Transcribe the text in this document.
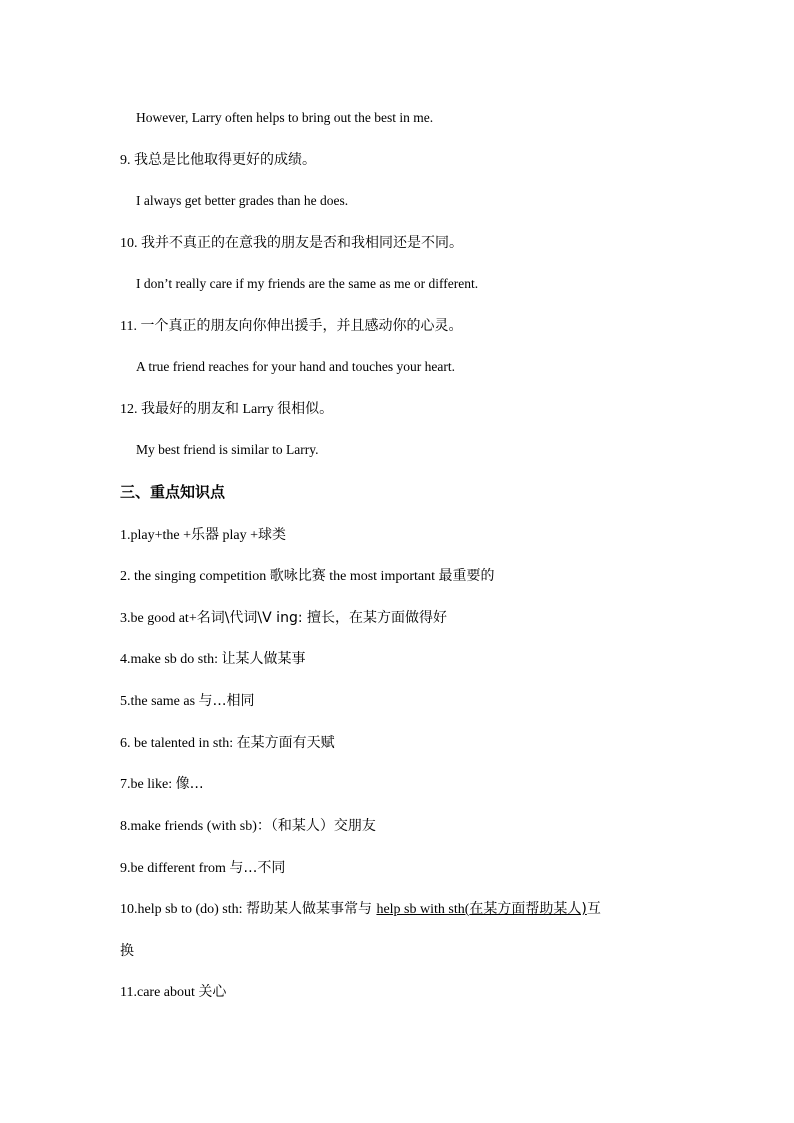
However, Larry often helps to bring out the best in me.
9. 我总是比他取得更好的成绩。
I always get better grades than he does.
10. 我并不真正的在意我的朋友是否和我相同还是不同。
I don’t really care if my friends are the same as me or different.
11. 一个真正的朋友向你伸出援手，并且感动你的心灵。
A true friend reaches for your hand and touches your heart.
12. 我最好的朋友和 Larry 很相似。
My best friend is similar to Larry.
三、重点知识点
1.play+the +乐器 play +球类
2. the singing competition 歌咏比赛 the most important 最重要的
3.be good at+名词\代词\V ing: 擅长，在某方面做得好
4.make sb do sth: 让某人做某事
5.the same as 与…相同
6. be talented in sth: 在某方面有天赋
7.be like: 像…
8.make friends (with sb)：（和某人）交朋友
9.be different from 与…不同
10.help sb to (do) sth: 帮助某人做某事常与 help sb with sth(在某方面帮助某人)互
换
11.care about 关心
